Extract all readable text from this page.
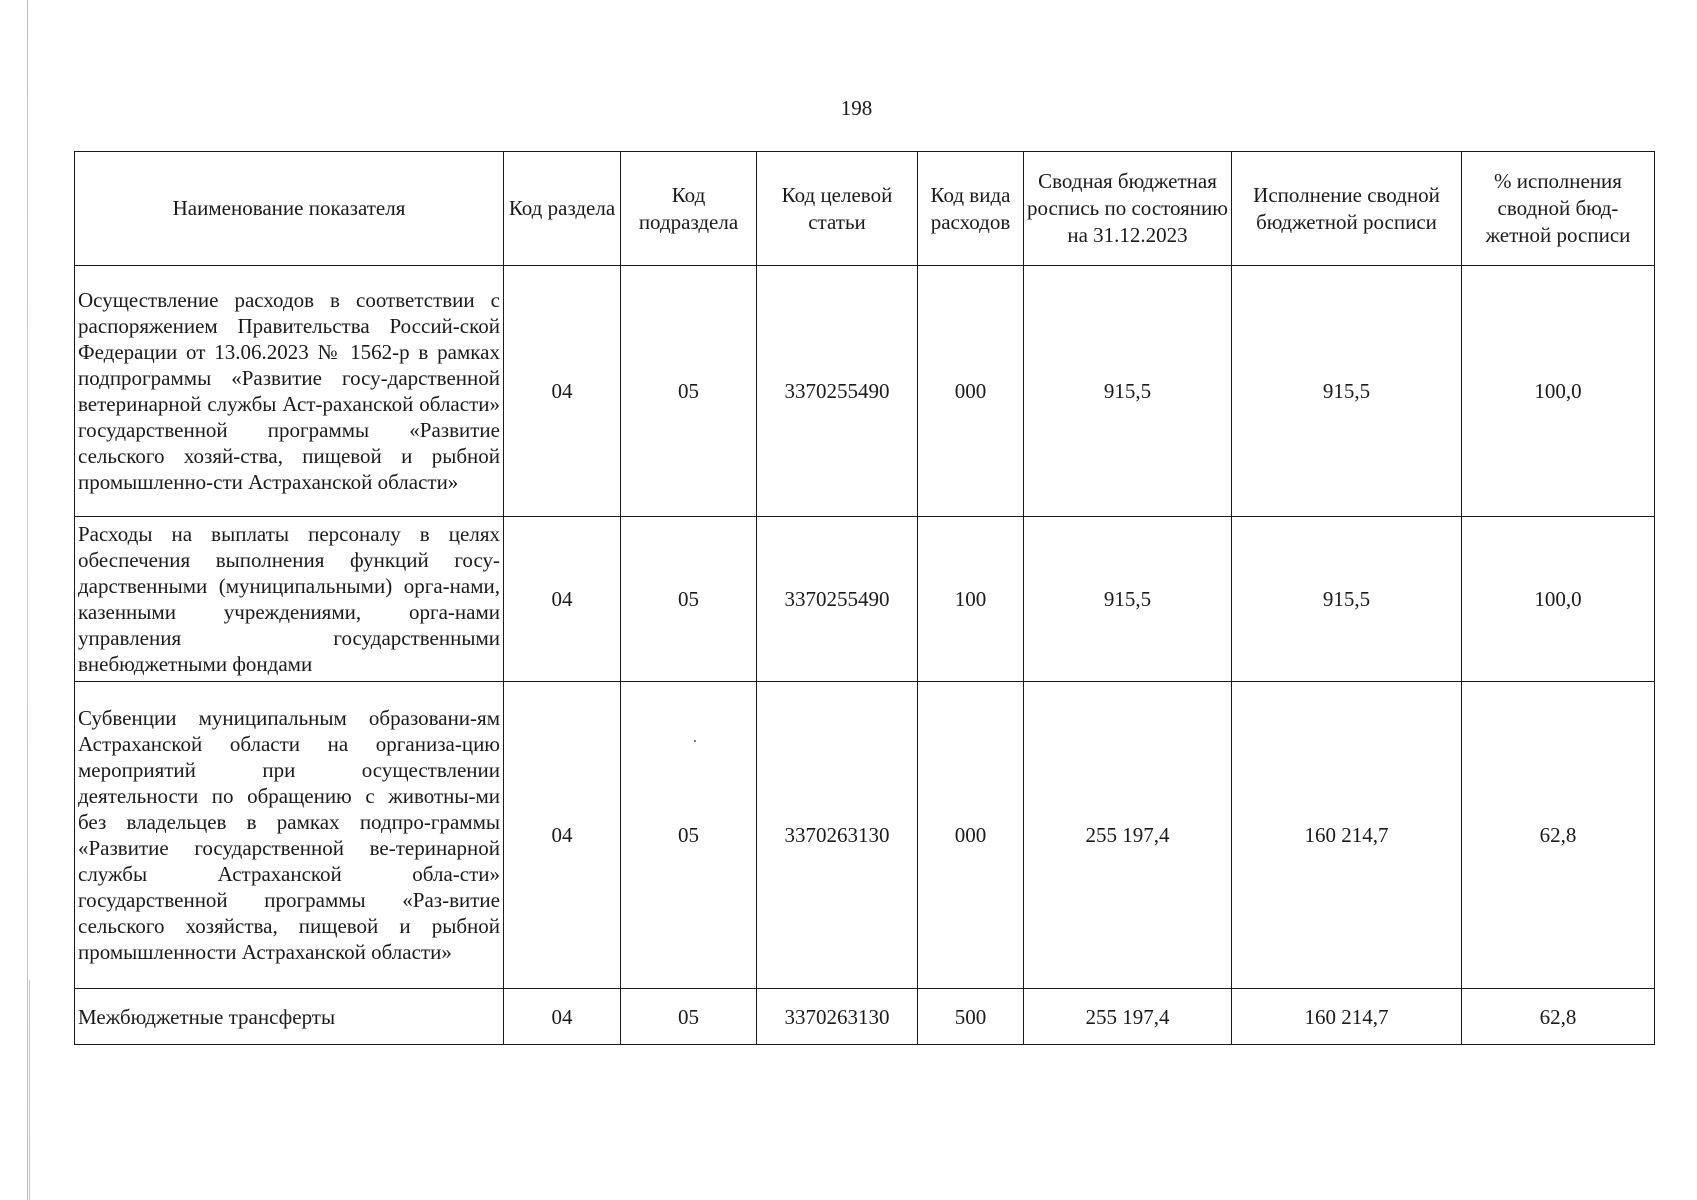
198
Наименование показателя	Код раздела	Код подраздела	Код целевой статьи	Код вида расходов	Сводная бюджетная роспись по состоянию на 31.12.2023	Исполнение сводной бюджетной росписи	% исполнения сводной бюд-жетной росписи
Осуществление расходов в соответствии с распоряжением Правительства Россий-ской Федерации от 13.06.2023 № 1562-р в рамках подпрограммы «Развитие госу-дарственной ветеринарной службы Аст-раханской области» государственной программы «Развитие сельского хозяй-ства, пищевой и рыбной промышленно-сти Астраханской области»	04	05	3370255490	000	915,5	915,5	100,0
Расходы на выплаты персоналу в целях обеспечения выполнения функций госу-дарственными (муниципальными) орга-нами, казенными учреждениями, орга-нами управления государственными внебюджетными фондами	04	05	3370255490	100	915,5	915,5	100,0
Субвенции муниципальным образовани-ям Астраханской области на организа-цию мероприятий при осуществлении деятельности по обращению с животны-ми без владельцев в рамках подпро-граммы «Развитие государственной ве-теринарной службы Астраханской обла-сти» государственной программы «Раз-витие сельского хозяйства, пищевой и рыбной промышленности Астраханской области»	04	05	3370263130	000	255 197,4	160 214,7	62,8
Межбюджетные трансферты	04	05	3370263130	500	255 197,4	160 214,7	62,8
